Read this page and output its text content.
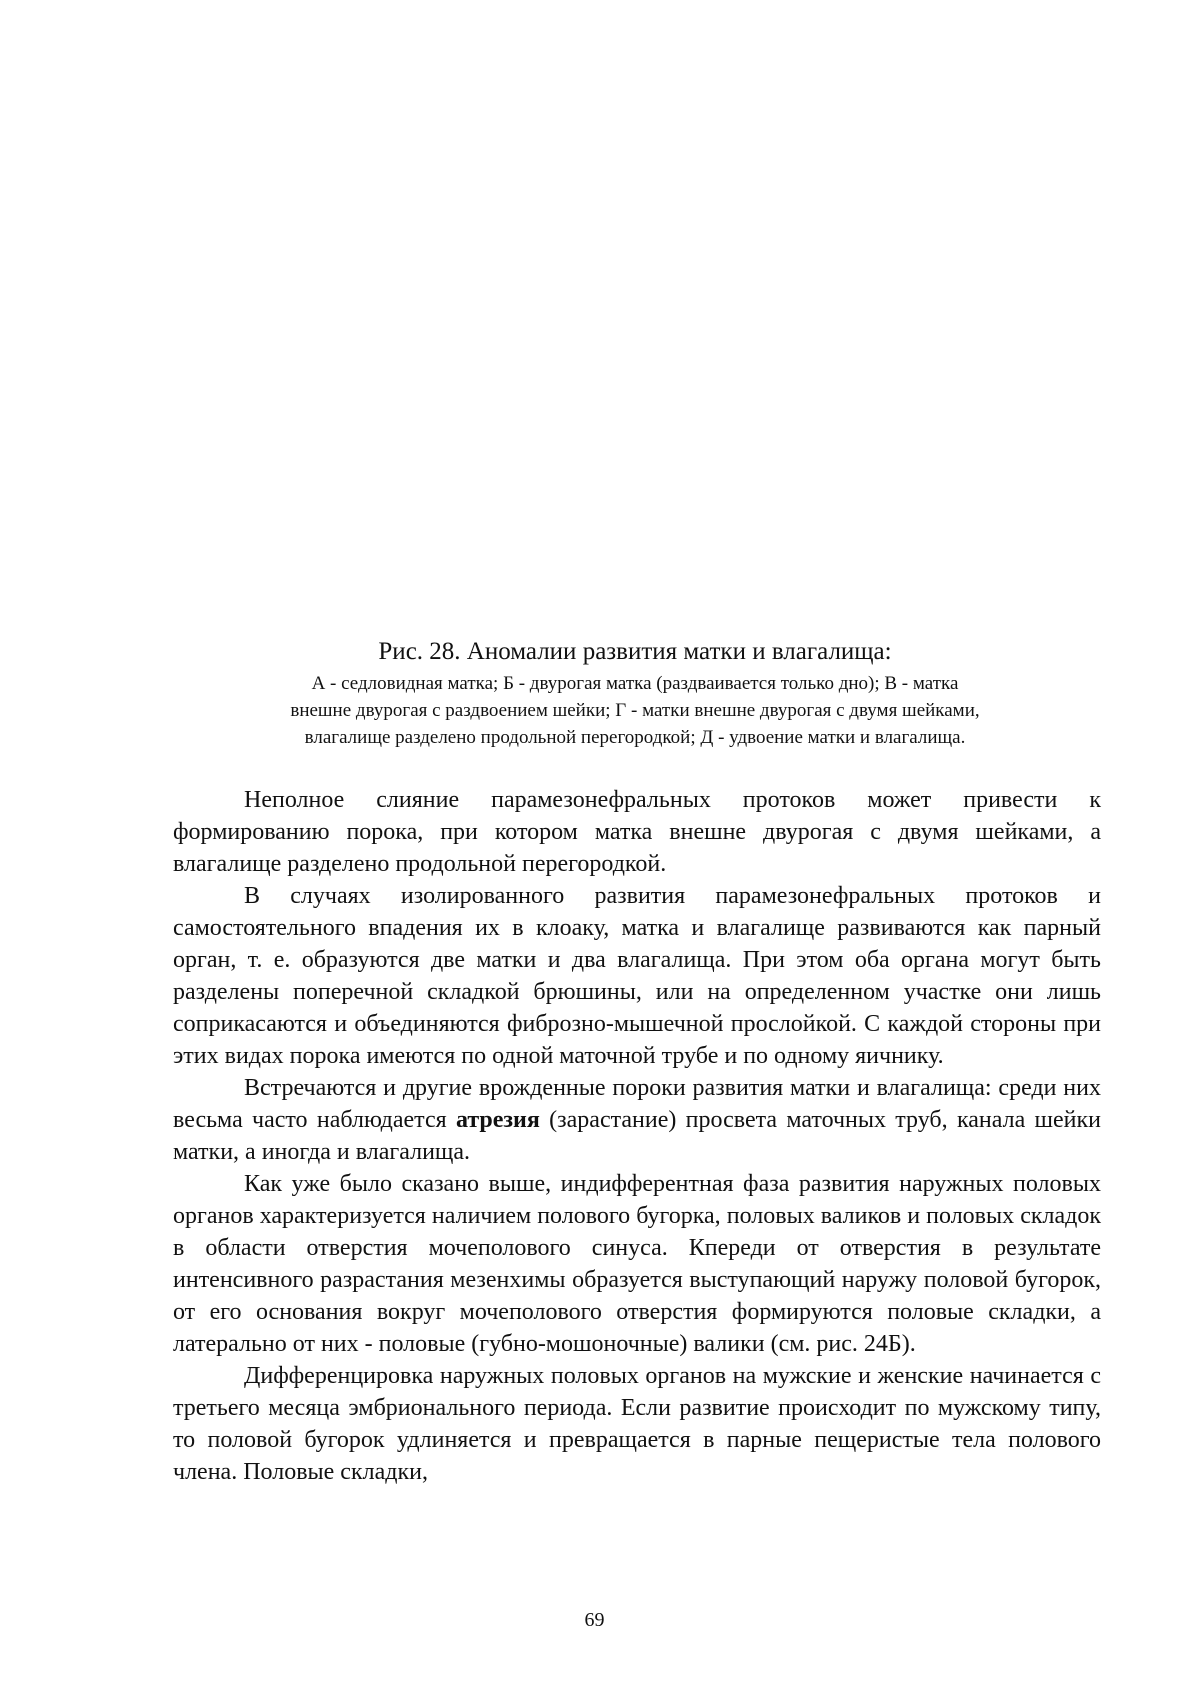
Рис. 28. Аномалии развития матки и влагалища:

А - седловидная матка; Б - двурогая матка (раздваивается только дно); В - матка
внешне двурогая с раздвоением шейки; Г - матки внешне двурогая с двумя шейками,
влагалище разделено продольной перегородкой; Д - удвоение матки и влагалища.

Неполное слияние парамезонефральных протоков может привести к формированию порока, при котором матка внешне двурогая с двумя шейками, а влагалище разделено продольной перегородкой.

В случаях изолированного развития парамезонефральных протоков и самостоятельного впадения их в клоаку, матка и влагалище развиваются как парный орган, т. е. образуются две матки и два влагалища. При этом оба органа могут быть разделены поперечной складкой брюшины, или на определенном участке они лишь соприкасаются и объединяются фиброзно-мышечной прослойкой. С каждой стороны при этих видах порока имеются по одной маточной трубе и по одному яичнику.

Встречаются и другие врожденные пороки развития матки и влагалища: среди них весьма часто наблюдается атрезия (зарастание) просвета маточных труб, канала шейки матки, а иногда и влагалища.

Как уже было сказано выше, индифферентная фаза развития наружных половых органов характеризуется наличием полового бугорка, половых валиков и половых складок в области отверстия мочеполового синуса. Кпереди от отверстия в результате интенсивного разрастания мезенхимы образуется выступающий наружу половой бугорок, от его основания вокруг мочеполового отверстия формируются половые складки, а латерально от них - половые (губно-мошоночные) валики (см. рис. 24Б).

Дифференцировка наружных половых органов на мужские и женские начинается с третьего месяца эмбрионального периода. Если развитие происходит по мужскому типу, то половой бугорок удлиняется и превращается в парные пещеристые тела полового члена. Половые складки,

69
